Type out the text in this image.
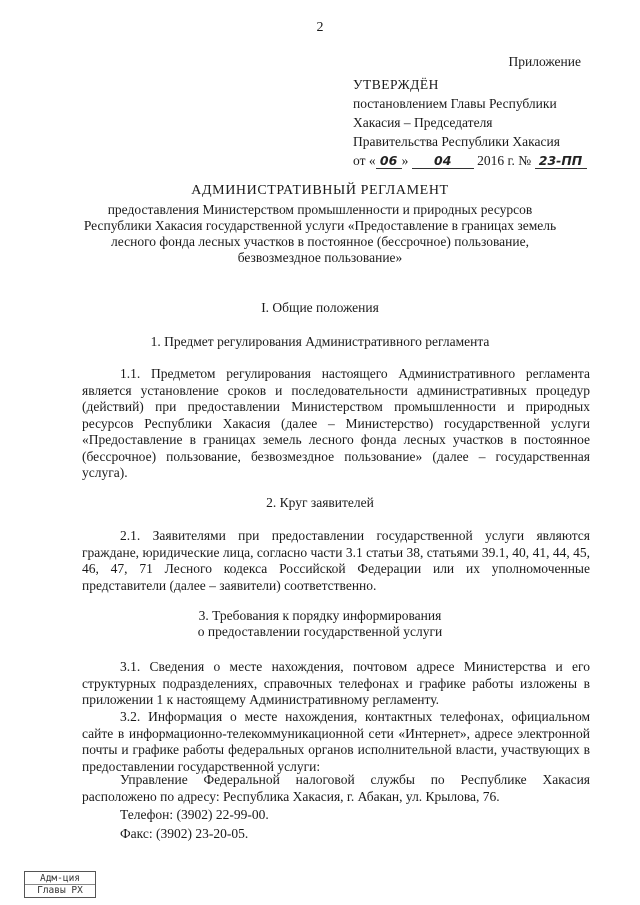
2
Приложение
УТВЕРЖДЁН
постановлением Главы Республики
Хакасия – Председателя
Правительства Республики Хакасия
от « 06 » 04 2016 г. № 23-ПП
АДМИНИСТРАТИВНЫЙ РЕГЛАМЕНТ
предоставления Министерством промышленности и природных ресурсов
Республики Хакасия государственной услуги «Предоставление в границах земель
лесного фонда лесных участков в постоянное (бессрочное) пользование,
безвозмездное пользование»
I. Общие положения
1. Предмет регулирования Административного регламента

1.1. Предметом регулирования настоящего Административного регламента является установление сроков и последовательности административных процедур (действий) при предоставлении Министерством промышленности и природных ресурсов Республики Хакасия (далее – Министерство) государственной услуги «Предоставление в границах земель лесного фонда лесных участков в постоянное (бессрочное) пользование, безвозмездное пользование» (далее – государственная услуга).

2. Круг заявителей

2.1. Заявителями при предоставлении государственной услуги являются граждане, юридические лица, согласно части 3.1 статьи 38, статьями 39.1, 40, 41, 44, 45, 46, 47, 71 Лесного кодекса Российской Федерации или их уполномоченные представители (далее – заявители) соответственно.

3. Требования к порядку информирования
о предоставлении государственной услуги

3.1. Сведения о месте нахождения, почтовом адресе Министерства и его структурных подразделениях, справочных телефонах и графике работы изложены в приложении 1 к настоящему Административному регламенту.

3.2. Информация о месте нахождения, контактных телефонах, официальном сайте в информационно-телекоммуникационной сети «Интернет», адресе электронной почты и графике работы федеральных органов исполнительной власти, участвующих в предоставлении государственной услуги:

Управление Федеральной налоговой службы по Республике Хакасия расположено по адресу: Республика Хакасия, г. Абакан, ул. Крылова, 76.

Телефон: (3902) 22-99-00.

Факс: (3902) 23-20-05.

Адм-ция
Главы РХ
